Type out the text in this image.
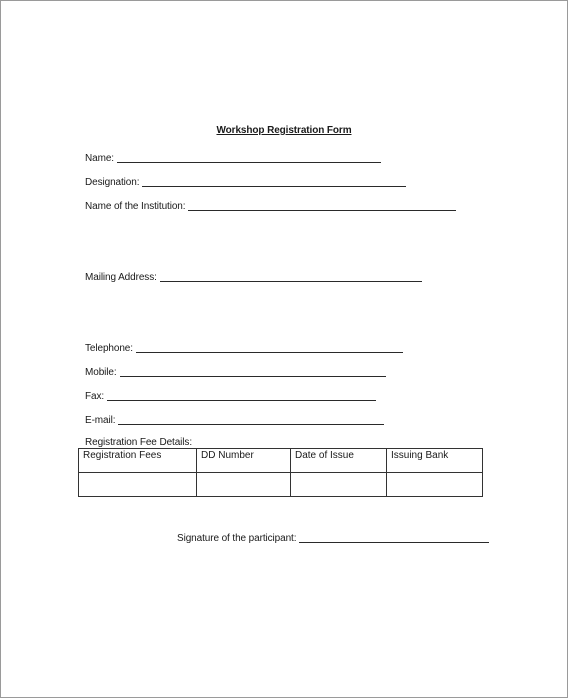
Workshop Registration Form
Name:
Designation:
Name of the Institution:
Mailing Address:
Telephone:
Mobile:
Fax:
E-mail:
Registration Fee Details:
Registration Fees	DD Number	Date of Issue	Issuing Bank

Signature of the participant:
